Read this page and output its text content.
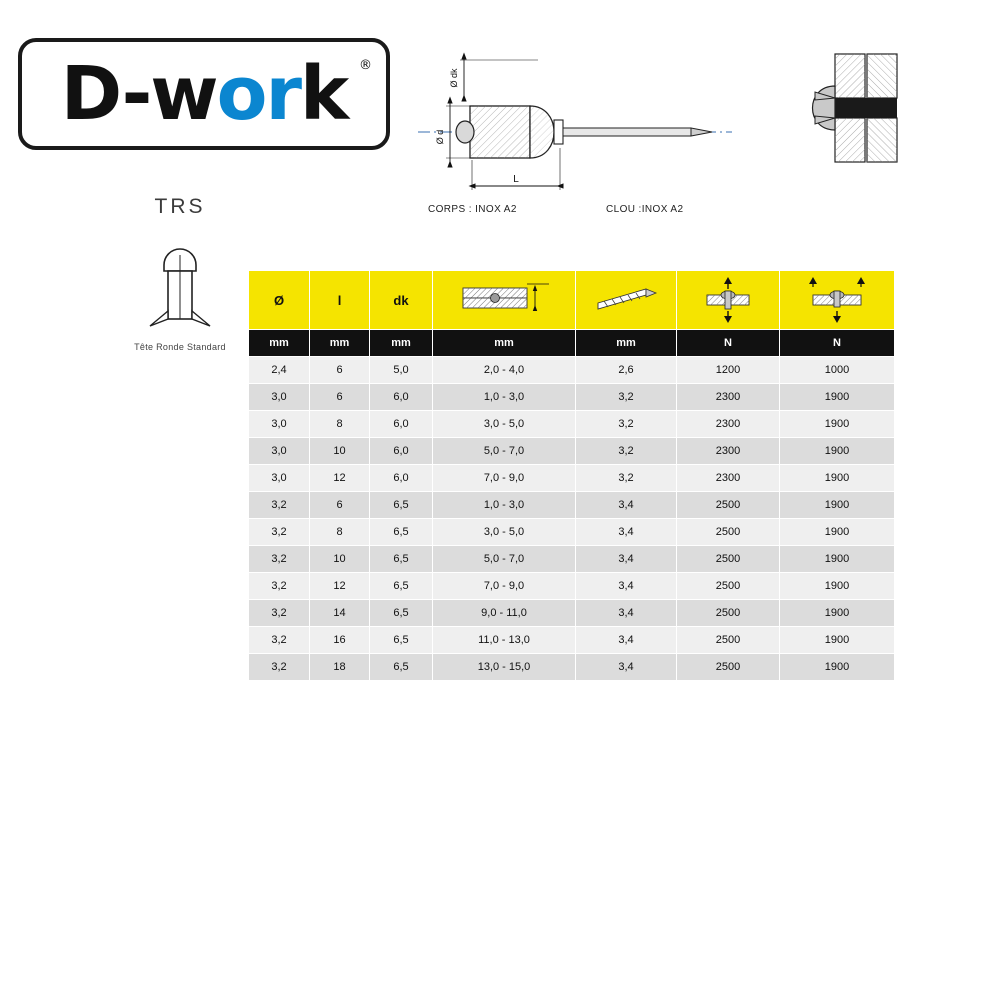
D-work ®
TRS
Tête Ronde Standard
Ø d
Ø dk
L
CORPS : INOX A2	CLOU :INOX A2
Ø	l	dk	

mm	mm	mm	mm	mm	N	N
2,4	6	5,0	2,0 - 4,0	2,6	1200	1000
3,0	6	6,0	1,0 - 3,0	3,2	2300	1900
3,0	8	6,0	3,0 - 5,0	3,2	2300	1900
3,0	10	6,0	5,0 - 7,0	3,2	2300	1900
3,0	12	6,0	7,0 - 9,0	3,2	2300	1900
3,2	6	6,5	1,0 - 3,0	3,4	2500	1900
3,2	8	6,5	3,0 - 5,0	3,4	2500	1900
3,2	10	6,5	5,0 - 7,0	3,4	2500	1900
3,2	12	6,5	7,0 - 9,0	3,4	2500	1900
3,2	14	6,5	9,0 - 11,0	3,4	2500	1900
3,2	16	6,5	11,0 - 13,0	3,4	2500	1900
3,2	18	6,5	13,0 - 15,0	3,4	2500	1900
